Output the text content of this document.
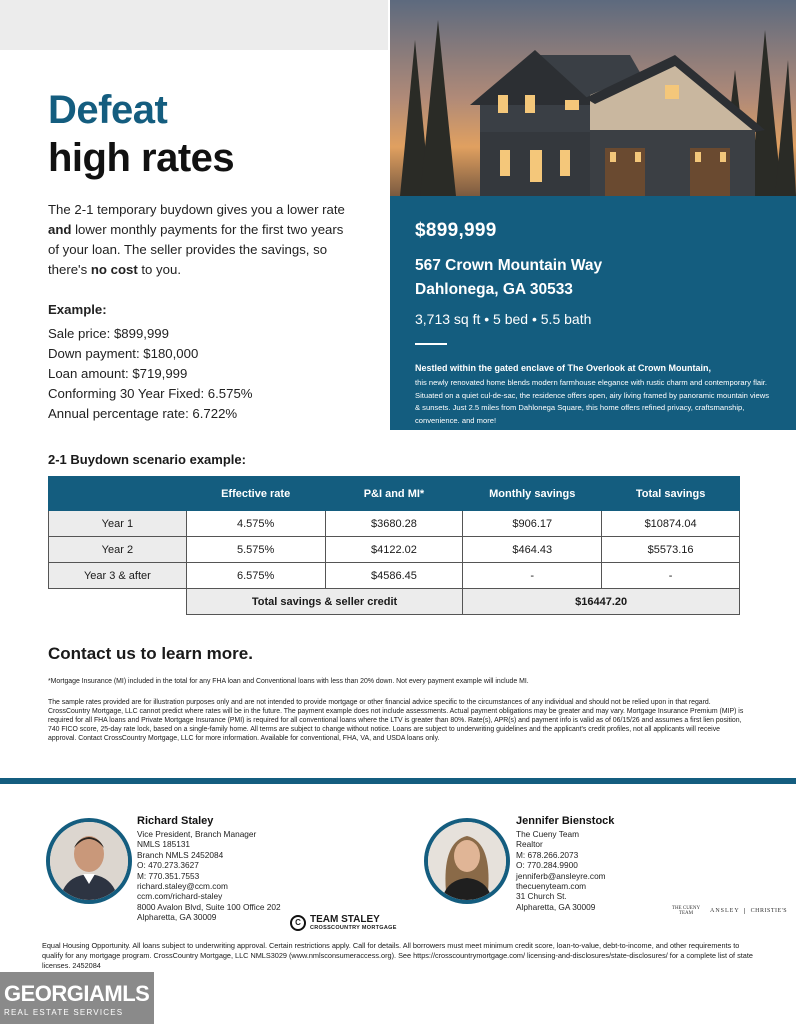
$899,999
567 Crown Mountain Way
Dahlonega, GA 30533
3,713 sq ft • 5 bed • 5.5 bath
Nestled within the gated enclave of The Overlook at Crown Mountain,
this newly renovated home blends modern farmhouse elegance with rustic charm and contemporary flair. Situated on a quiet cul-de-sac, the residence offers open, airy living framed by panoramic mountain views & sunsets. Just 2.5 miles from Dahlonega Square, this home offers refined privacy, craftsmanship, convenience. and more!
Defeat
high rates

The 2-1 temporary buydown gives you a lower rate and lower monthly payments for the first two years of your loan. The seller provides the savings, so there's no cost to you.

Example:
Sale price: $899,999
Down payment: $180,000
Loan amount: $719,999
Conforming 30 Year Fixed: 6.575%
Annual percentage rate: 6.722%
2-1 Buydown scenario example:
	Effective rate	P&I and MI*	Monthly savings	Total savings
Year 1	4.575%	$3680.28	$906.17	$10874.04
Year 2	5.575%	$4122.02	$464.43	$5573.16
Year 3 & after	6.575%	$4586.45	-	-
	Total savings & seller credit		$16447.20	
Contact us to learn more.
*Mortgage Insurance (MI) included in the total for any FHA loan and Conventional loans with less than 20% down. Not every payment example will include MI.
The sample rates provided are for illustration purposes only and are not intended to provide mortgage or other financial advice specific to the circumstances of any individual and should not be relied upon in that regard. CrossCountry Mortgage, LLC cannot predict where rates will be in the future. The payment example does not include assessments. Actual payment obligations may be greater and may vary. Mortgage Insurance Premium (MIP) is required for all FHA loans and Private Mortgage Insurance (PMI) is required for all conventional loans where the LTV is greater than 80%. Rate(s), APR(s) and payment info is valid as of 06/15/26 and assumes a first lien position, 740 FICO score, 25-day rate lock, based on a single-family home. All terms are subject to change without notice. Loans are subject to underwriting guidelines and the applicant's credit profiles, not all applicants will receive approval. Contact CrossCountry Mortgage, LLC for more information. Available for conventional, FHA, VA, and USDA loans only.
Richard Staley
Vice President, Branch Manager
NMLS 185131
Branch NMLS 2452084
O: 470.273.3627
M: 770.351.7553
richard.staley@ccm.com
ccm.com/richard-staley
8000 Avalon Blvd, Suite 100 Office 202
Alpharetta, GA 30009
Jennifer Bienstock
The Cueny Team
Realtor
M: 678.266.2073
O: 770.284.9900
jenniferb@ansleyre.com
thecuenyteam.com
31 Church St.
Alpharetta, GA 30009
C TEAM STALEY
CROSSCOUNTRY MORTGAGE
THE CUENY TEAM	ANSLEY	CHRISTIE'S
Equal Housing Opportunity. All loans subject to underwriting approval. Certain restrictions apply. Call for details. All borrowers must meet minimum credit score, loan-to-value, debt-to-income, and other requirements to qualify for any mortgage program. CrossCountry Mortgage, LLC NMLS3029 (www.nmlsconsumeraccess.org). See https://crosscountrymortgage.com/ licensing-and-disclosures/state-disclosures/ for a complete list of state licenses. 2452084
GEORGIAMLS
REAL ESTATE SERVICES
